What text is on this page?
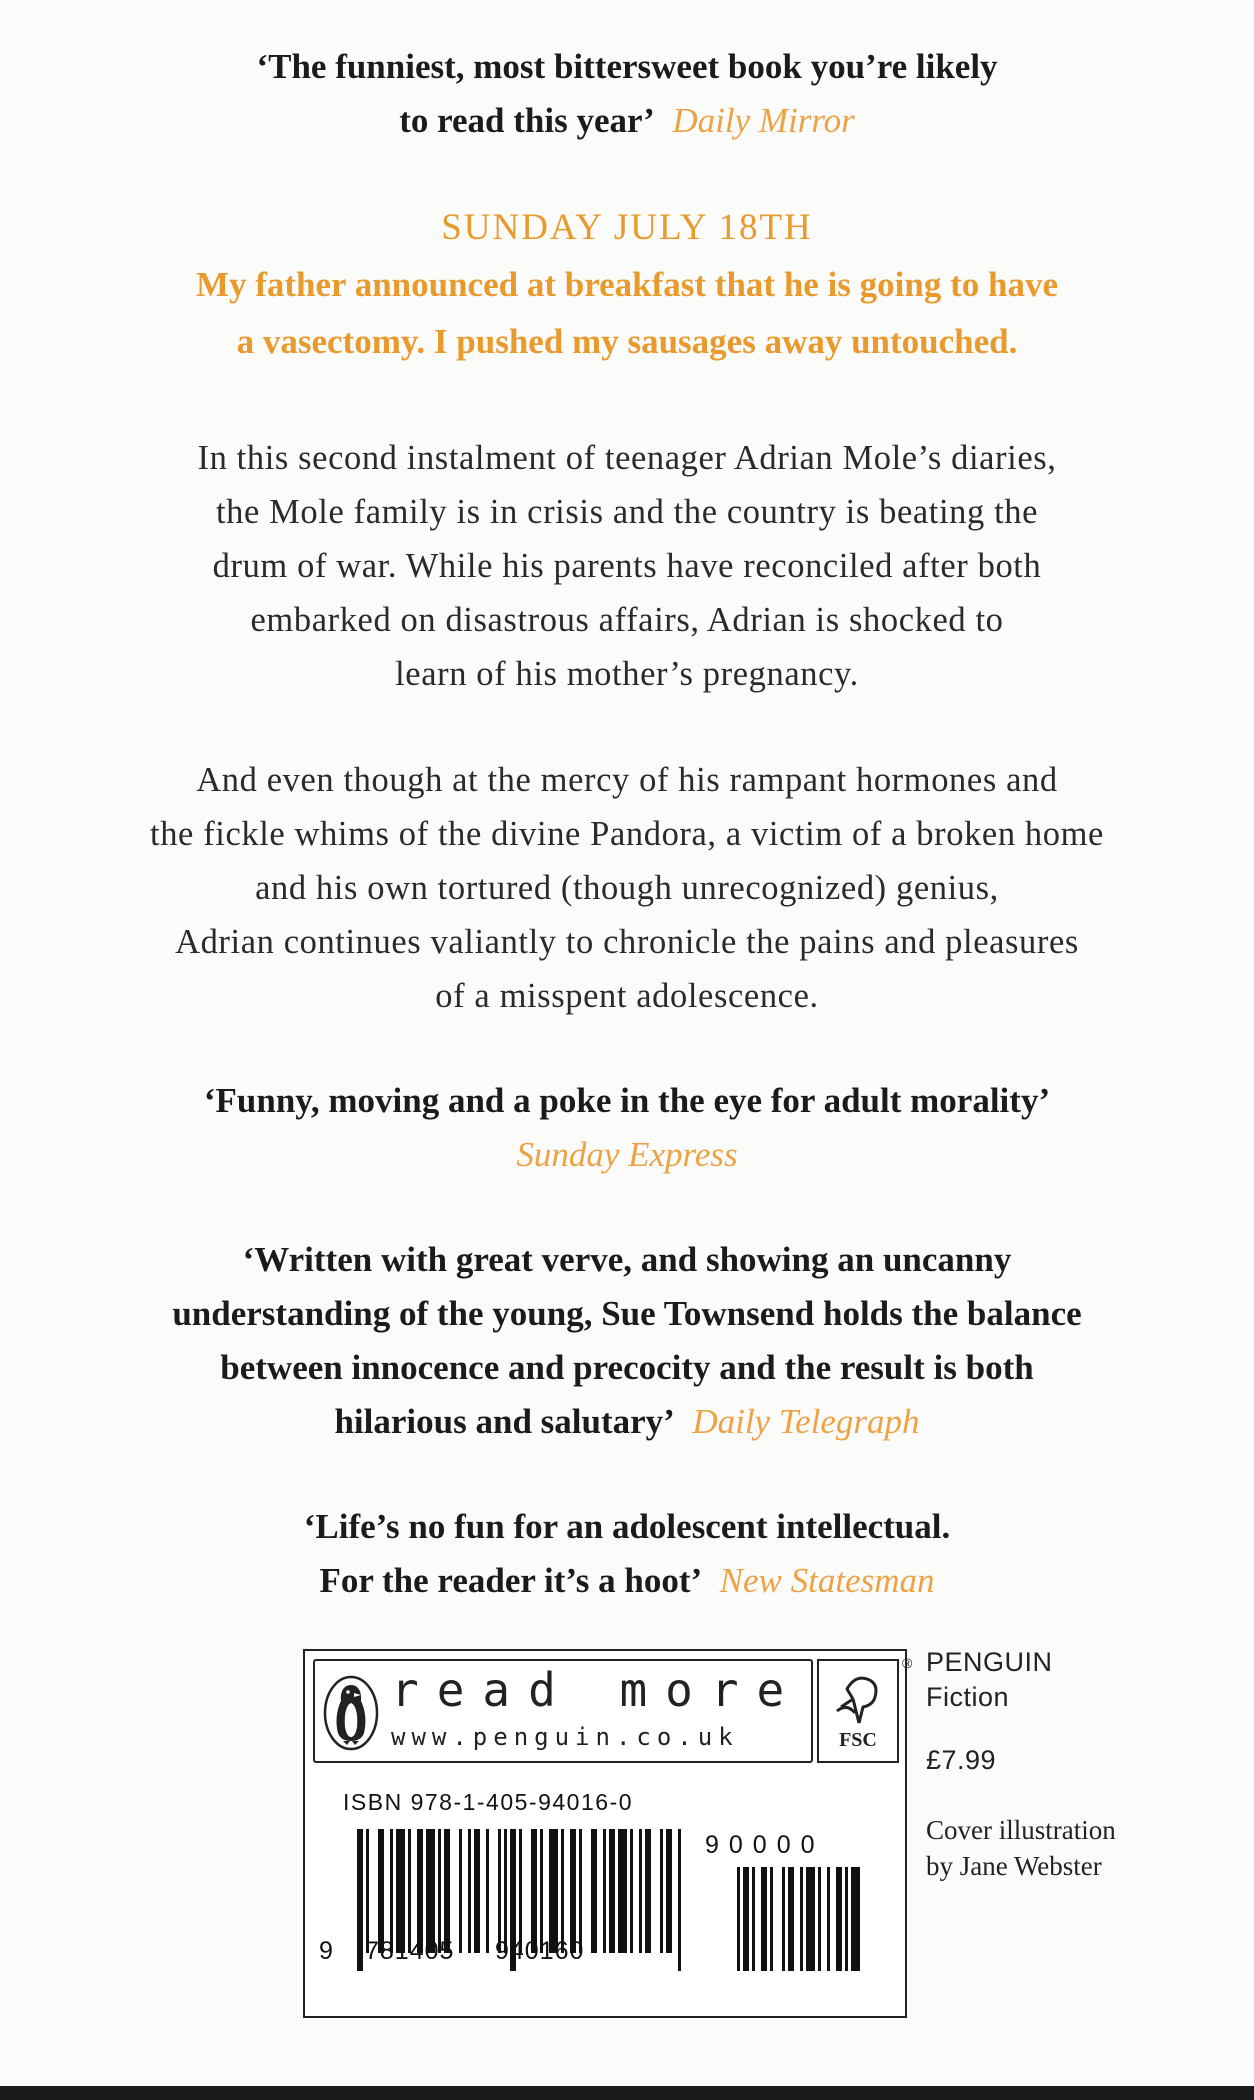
‘The funniest, most bittersweet book you’re likely
to read this year’ Daily Mirror
SUNDAY JULY 18TH
My father announced at breakfast that he is going to have
a vasectomy. I pushed my sausages away untouched.
In this second instalment of teenager Adrian Mole’s diaries,
the Mole family is in crisis and the country is beating the
drum of war. While his parents have reconciled after both
embarked on disastrous affairs, Adrian is shocked to
learn of his mother’s pregnancy.
And even though at the mercy of his rampant hormones and
the fickle whims of the divine Pandora, a victim of a broken home
and his own tortured (though unrecognized) genius,
Adrian continues valiantly to chronicle the pains and pleasures
of a misspent adolescence.
‘Funny, moving and a poke in the eye for adult morality’
Sunday Express
‘Written with great verve, and showing an uncanny
understanding of the young, Sue Townsend holds the balance
between innocence and precocity and the result is both
hilarious and salutary’ Daily Telegraph
‘Life’s no fun for an adolescent intellectual.
For the reader it’s a hoot’ New Statesman
read more
www.penguin.co.uk	FSC
®
ISBN 978-1-405-94016-0
9 781405 940160
90000
PENGUIN
Fiction
£7.99
Cover illustration
by Jane Webster
